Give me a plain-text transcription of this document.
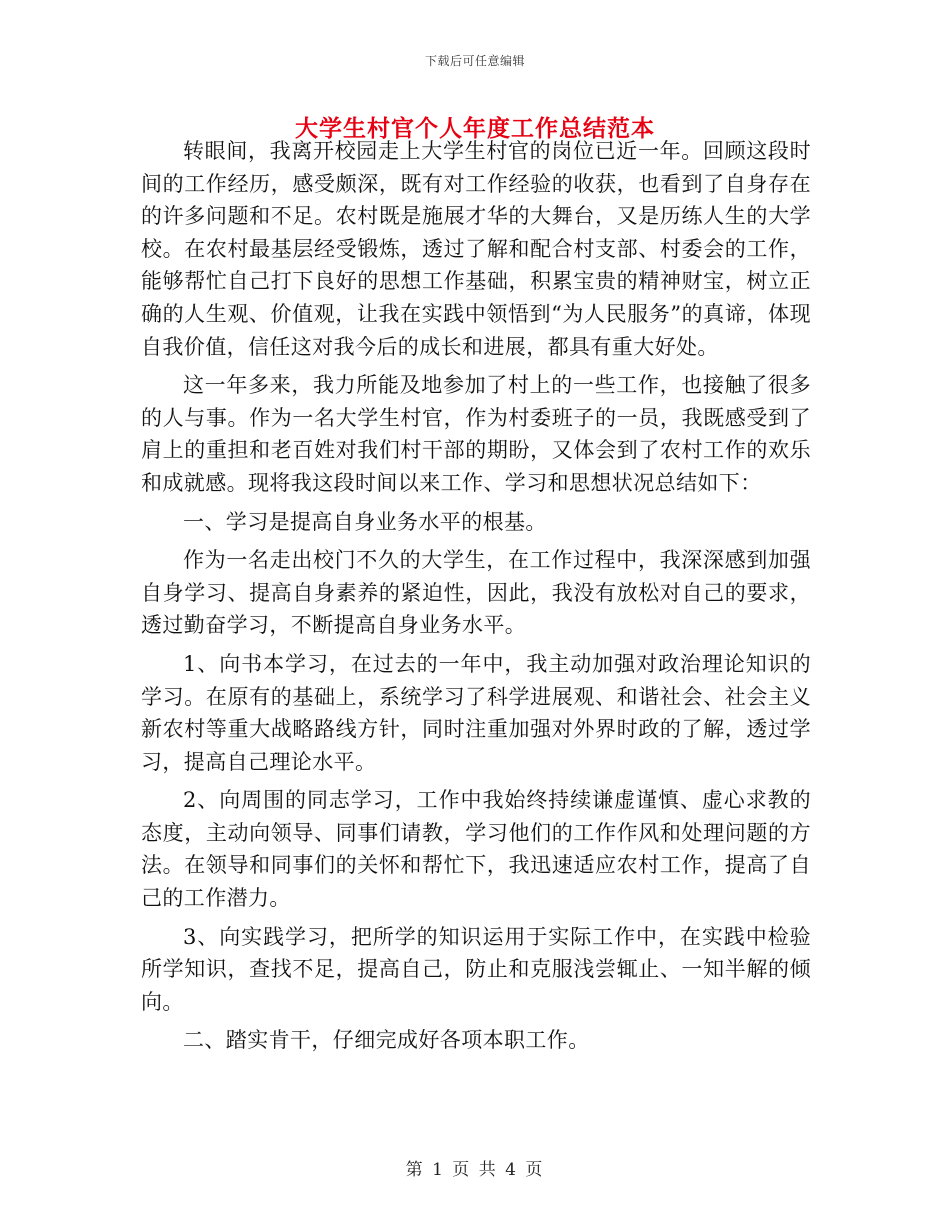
下载后可任意编辑
大学生村官个人年度工作总结范本

转眼间，我离开校园走上大学生村官的岗位已近一年。回顾这段时间的工作经历，感受颇深，既有对工作经验的收获，也看到了自身存在的许多问题和不足。农村既是施展才华的大舞台，又是历练人生的大学校。在农村最基层经受锻炼，透过了解和配合村支部、村委会的工作，能够帮忙自己打下良好的思想工作基础，积累宝贵的精神财宝，树立正确的人生观、价值观，让我在实践中领悟到“为人民服务”的真谛，体现自我价值，信任这对我今后的成长和进展，都具有重大好处。

这一年多来，我力所能及地参加了村上的一些工作，也接触了很多的人与事。作为一名大学生村官，作为村委班子的一员，我既感受到了肩上的重担和老百姓对我们村干部的期盼，又体会到了农村工作的欢乐和成就感。现将我这段时间以来工作、学习和思想状况总结如下：

一、学习是提高自身业务水平的根基。

作为一名走出校门不久的大学生，在工作过程中，我深深感到加强自身学习、提高自身素养的紧迫性，因此，我没有放松对自己的要求，透过勤奋学习，不断提高自身业务水平。

1、向书本学习，在过去的一年中，我主动加强对政治理论知识的学习。在原有的基础上，系统学习了科学进展观、和谐社会、社会主义新农村等重大战略路线方针，同时注重加强对外界时政的了解，透过学习，提高自己理论水平。

2、向周围的同志学习，工作中我始终持续谦虚谨慎、虚心求教的态度，主动向领导、同事们请教，学习他们的工作作风和处理问题的方法。在领导和同事们的关怀和帮忙下，我迅速适应农村工作，提高了自己的工作潜力。

3、向实践学习，把所学的知识运用于实际工作中，在实践中检验所学知识，查找不足，提高自己，防止和克服浅尝辄止、一知半解的倾向。

二、踏实肯干，仔细完成好各项本职工作。

第 1 页 共 4 页
